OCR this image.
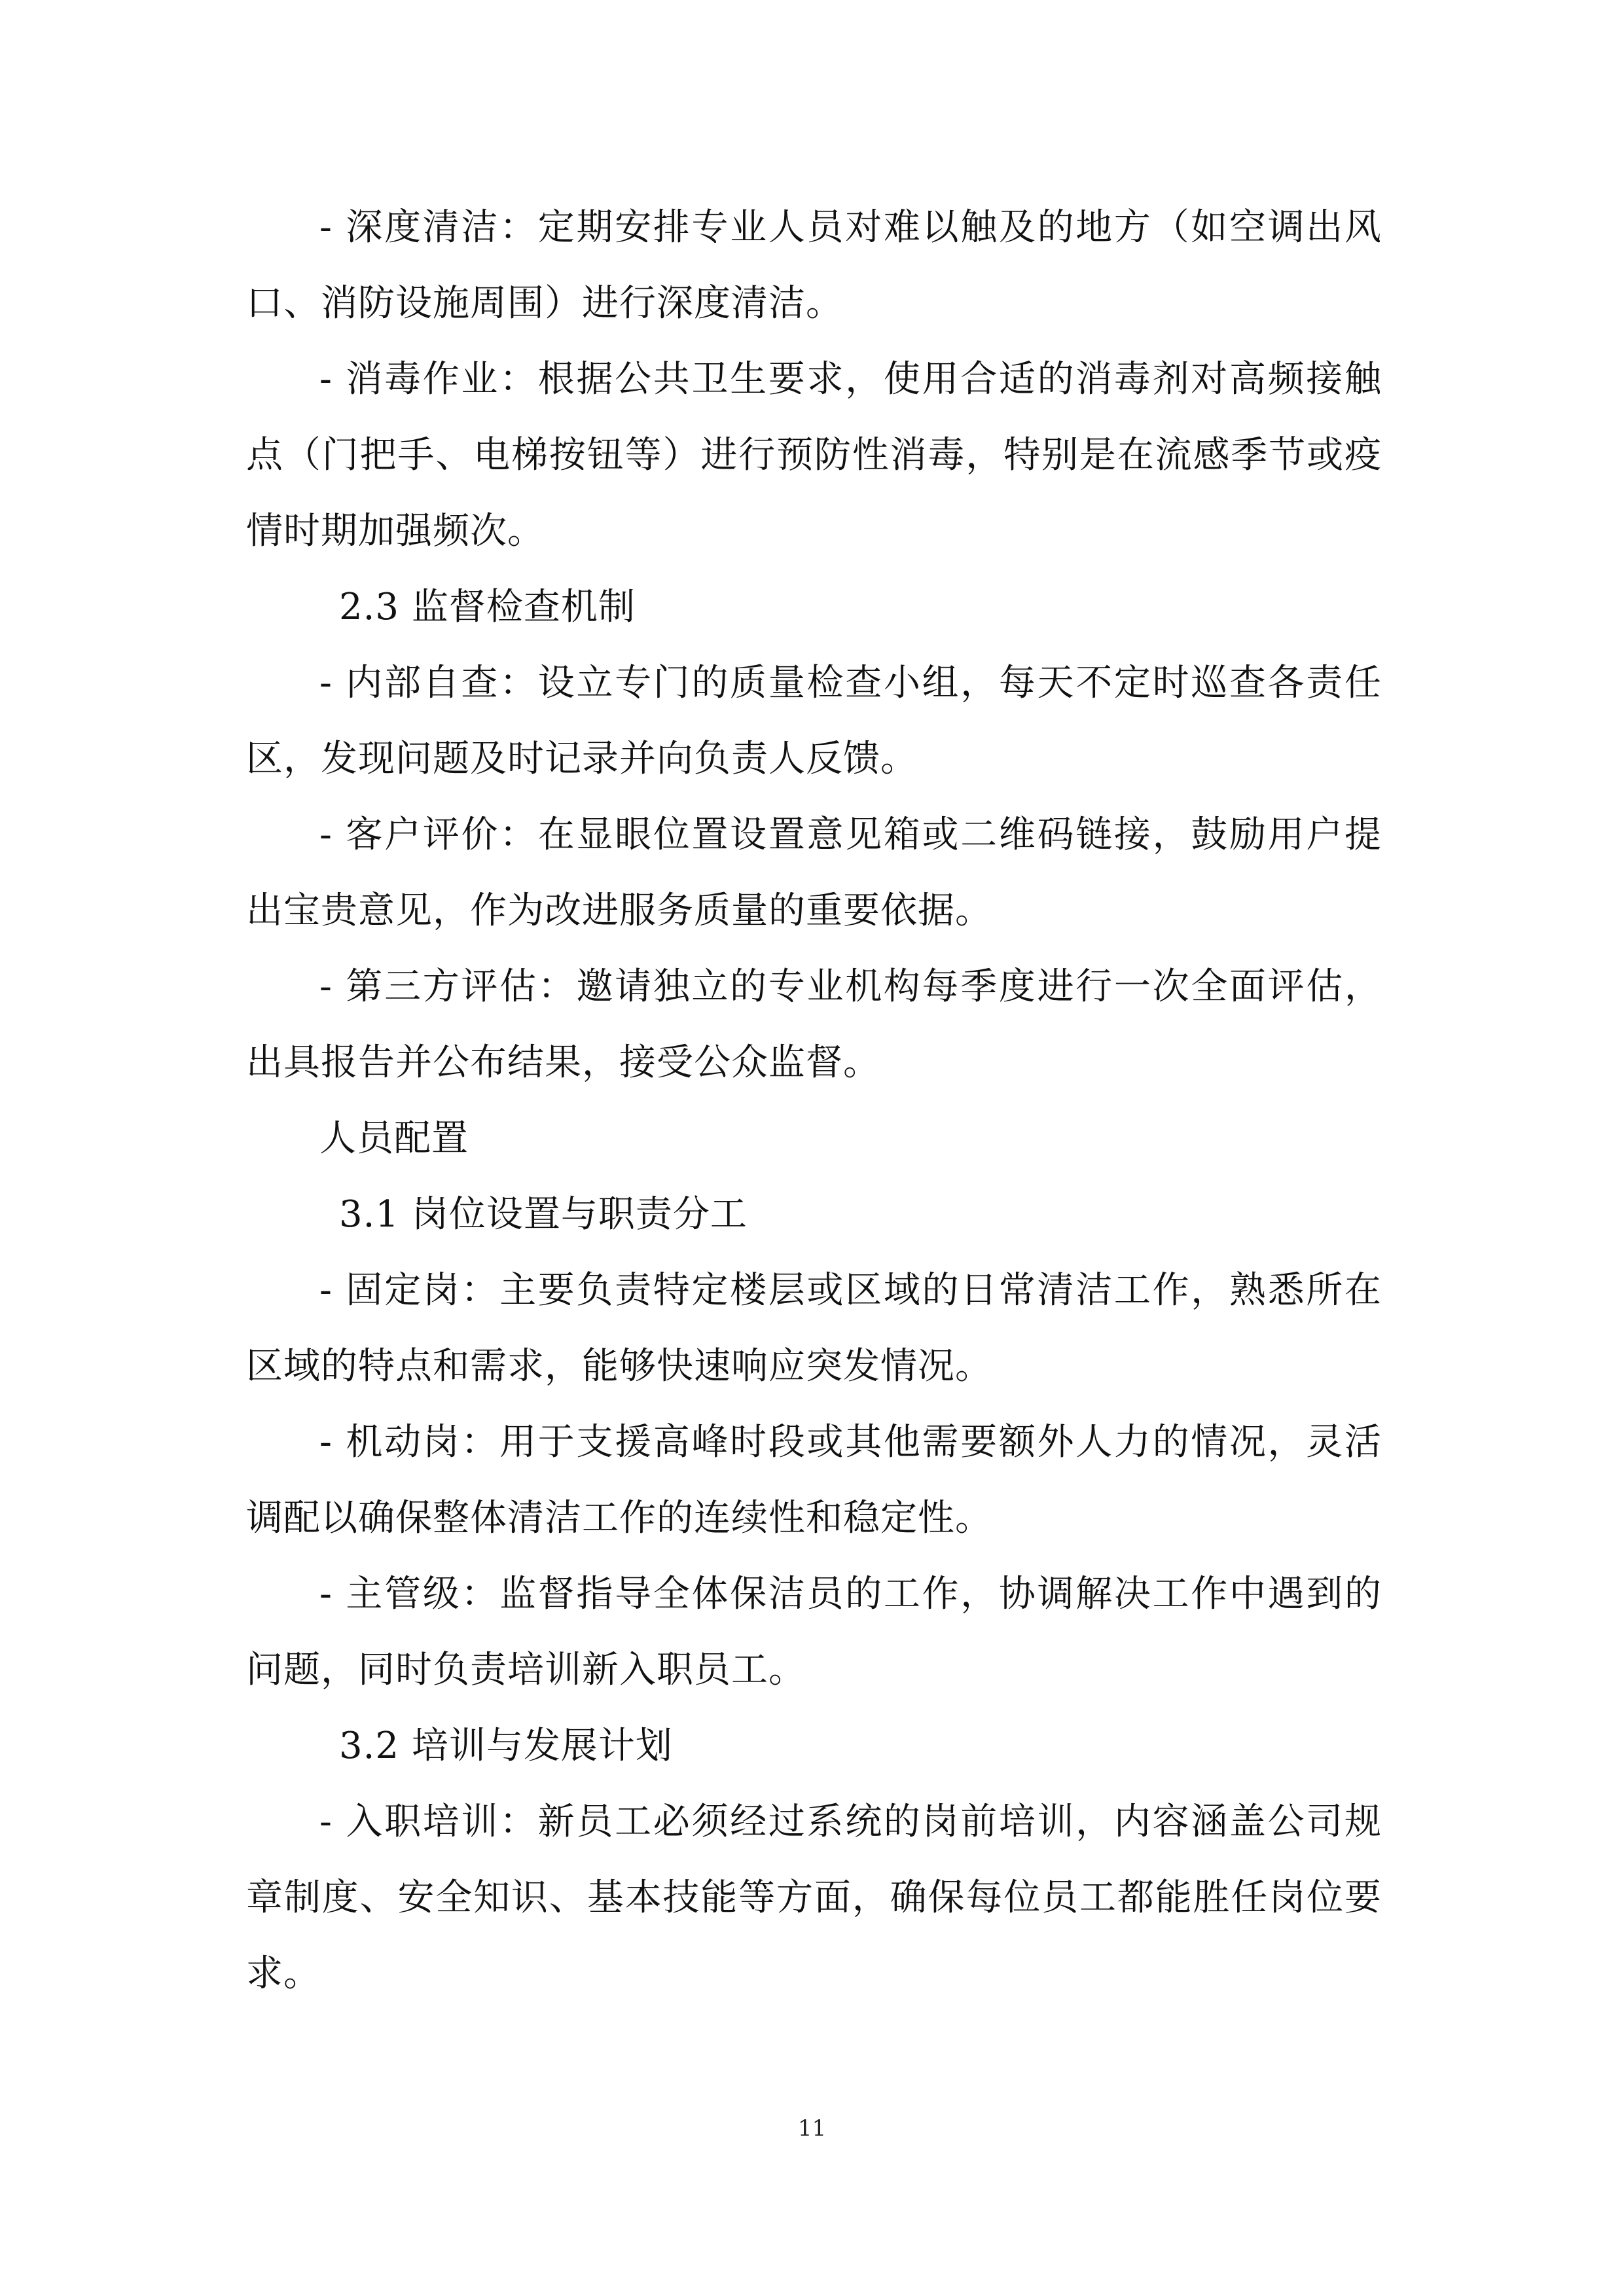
- 深度清洁：定期安排专业人员对难以触及的地方（如空调出风口、消防设施周围）进行深度清洁。

- 消毒作业：根据公共卫生要求，使用合适的消毒剂对高频接触点（门把手、电梯按钮等）进行预防性消毒，特别是在流感季节或疫情时期加强频次。

2.3 监督检查机制

- 内部自查：设立专门的质量检查小组，每天不定时巡查各责任区，发现问题及时记录并向负责人反馈。

- 客户评价：在显眼位置设置意见箱或二维码链接，鼓励用户提出宝贵意见，作为改进服务质量的重要依据。

- 第三方评估：邀请独立的专业机构每季度进行一次全面评估，出具报告并公布结果，接受公众监督。

人员配置

3.1 岗位设置与职责分工

- 固定岗：主要负责特定楼层或区域的日常清洁工作，熟悉所在区域的特点和需求，能够快速响应突发情况。

- 机动岗：用于支援高峰时段或其他需要额外人力的情况，灵活调配以确保整体清洁工作的连续性和稳定性。

- 主管级：监督指导全体保洁员的工作，协调解决工作中遇到的问题，同时负责培训新入职员工。

3.2 培训与发展计划

- 入职培训：新员工必须经过系统的岗前培训，内容涵盖公司规章制度、安全知识、基本技能等方面，确保每位员工都能胜任岗位要求。

11
